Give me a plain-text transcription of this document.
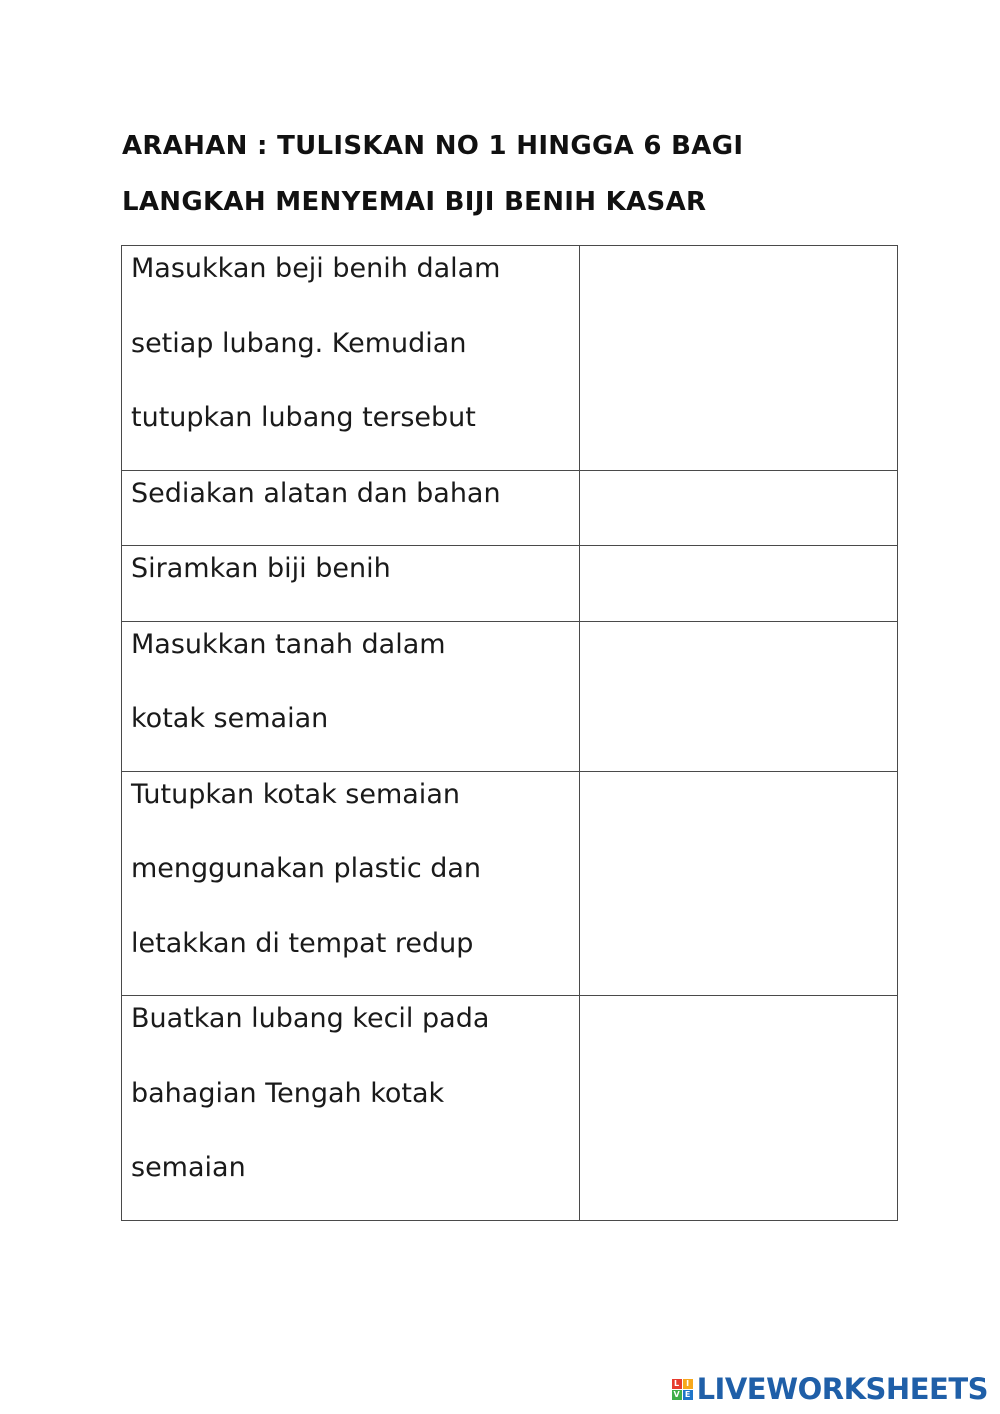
ARAHAN : TULISKAN NO 1 HINGGA 6 BAGI
LANGKAH MENYEMAI BIJI BENIH KASAR
Masukkan beji benih dalam
setiap lubang. Kemudian
tutupkan lubang tersebut	

Sediakan alatan dan bahan	

Siramkan biji benih	

Masukkan tanah dalam
kotak semaian	

Tutupkan kotak semaian
menggunakan plastic dan
letakkan di tempat redup	

Buatkan lubang kecil pada
bahagian Tengah kotak
semaian	

L I
V E LIVEWORKSHEETS
